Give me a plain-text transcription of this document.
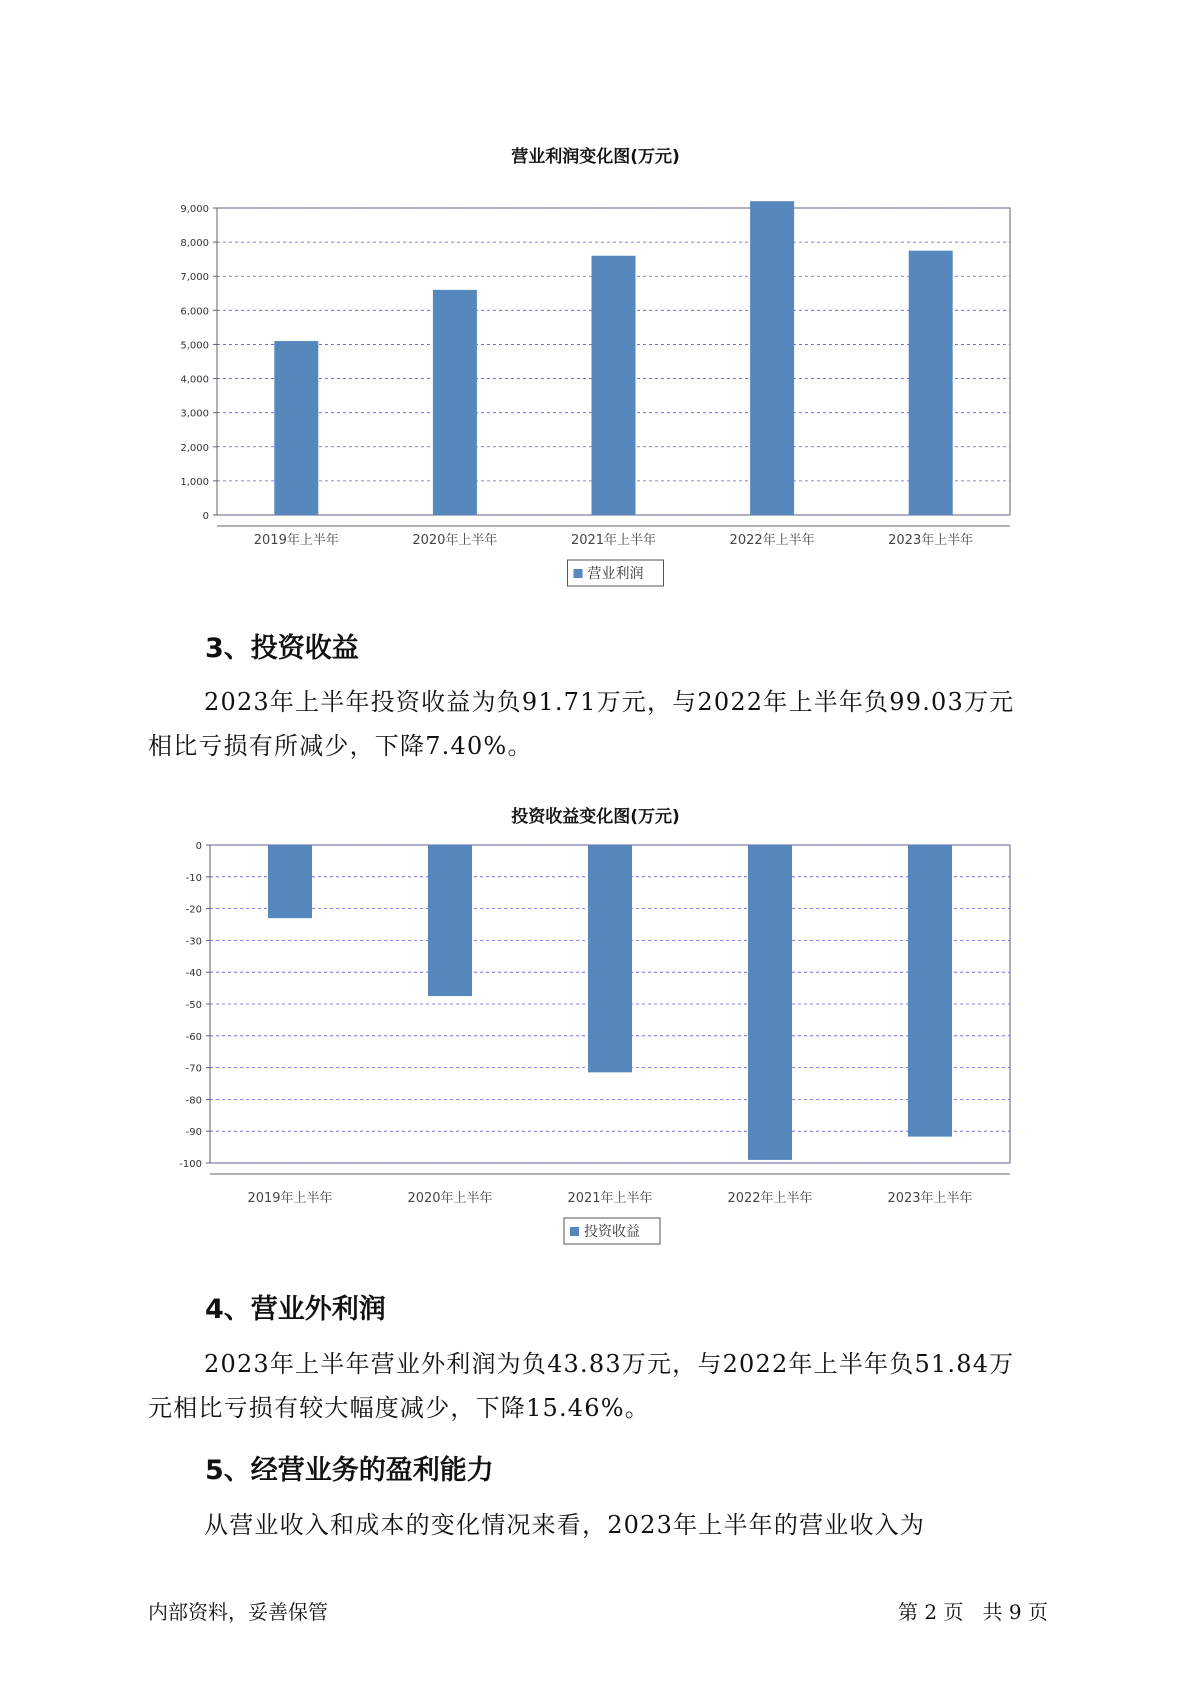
营业利润变化图(万元)
0
1,000
2,000
3,000
4,000
5,000
6,000
7,000
8,000
9,000
2019年上半年	2020年上半年	2021年上半年	2022年上半年	2023年上半年
营业利润
3、投资收益

2023年上半年投资收益为负91.71万元，与2022年上半年负99.03万元

相比亏损有所减少，下降7.40%。

投资收益变化图(万元)
0
-10
-20
-30
-40
-50
-60
-70
-80
-90
-100
2019年上半年	2020年上半年	2021年上半年	2022年上半年	2023年上半年
投资收益
4、营业外利润

2023年上半年营业外利润为负43.83万元，与2022年上半年负51.84万

元相比亏损有较大幅度减少，下降15.46%。

5、经营业务的盈利能力

从营业收入和成本的变化情况来看，2023年上半年的营业收入为

内部资料，妥善保管	第 2 页   共 9 页
